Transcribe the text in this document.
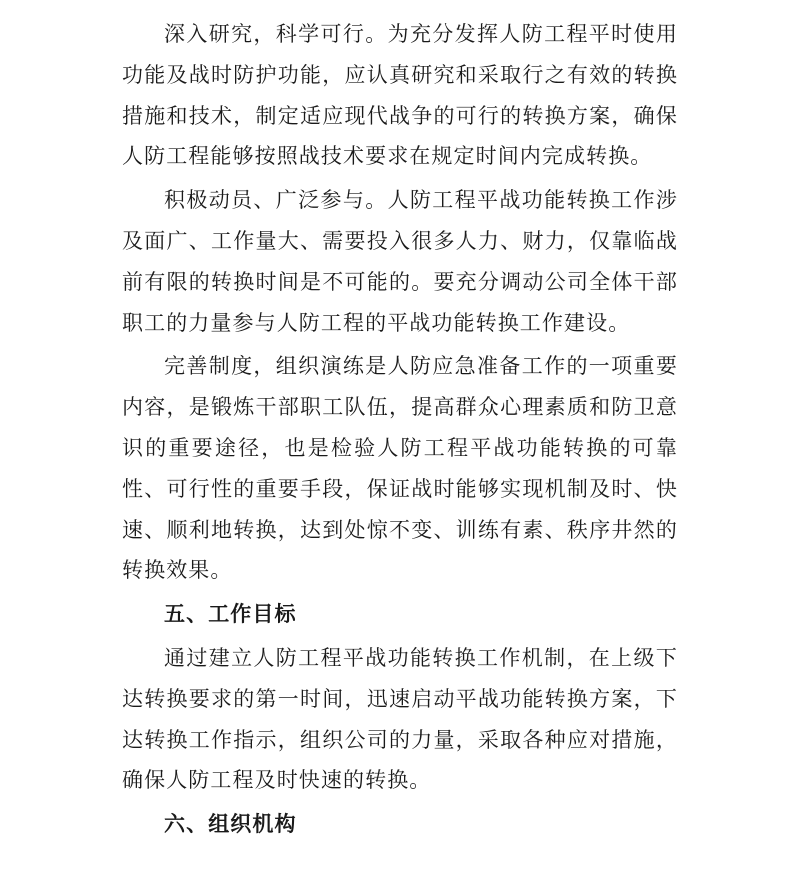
深入研究，科学可行。为充分发挥人防工程平时使用功能及战时防护功能，应认真研究和采取行之有效的转换措施和技术，制定适应现代战争的可行的转换方案，确保人防工程能够按照战技术要求在规定时间内完成转换。

积极动员、广泛参与。人防工程平战功能转换工作涉及面广、工作量大、需要投入很多人力、财力，仅靠临战前有限的转换时间是不可能的。要充分调动公司全体干部职工的力量参与人防工程的平战功能转换工作建设。

完善制度，组织演练是人防应急准备工作的一项重要内容，是锻炼干部职工队伍，提高群众心理素质和防卫意识的重要途径，也是检验人防工程平战功能转换的可靠性、可行性的重要手段，保证战时能够实现机制及时、快速、顺利地转换，达到处惊不变、训练有素、秩序井然的转换效果。

五、工作目标

通过建立人防工程平战功能转换工作机制，在上级下达转换要求的第一时间，迅速启动平战功能转换方案，下达转换工作指示，组织公司的力量，采取各种应对措施，确保人防工程及时快速的转换。

六、组织机构
